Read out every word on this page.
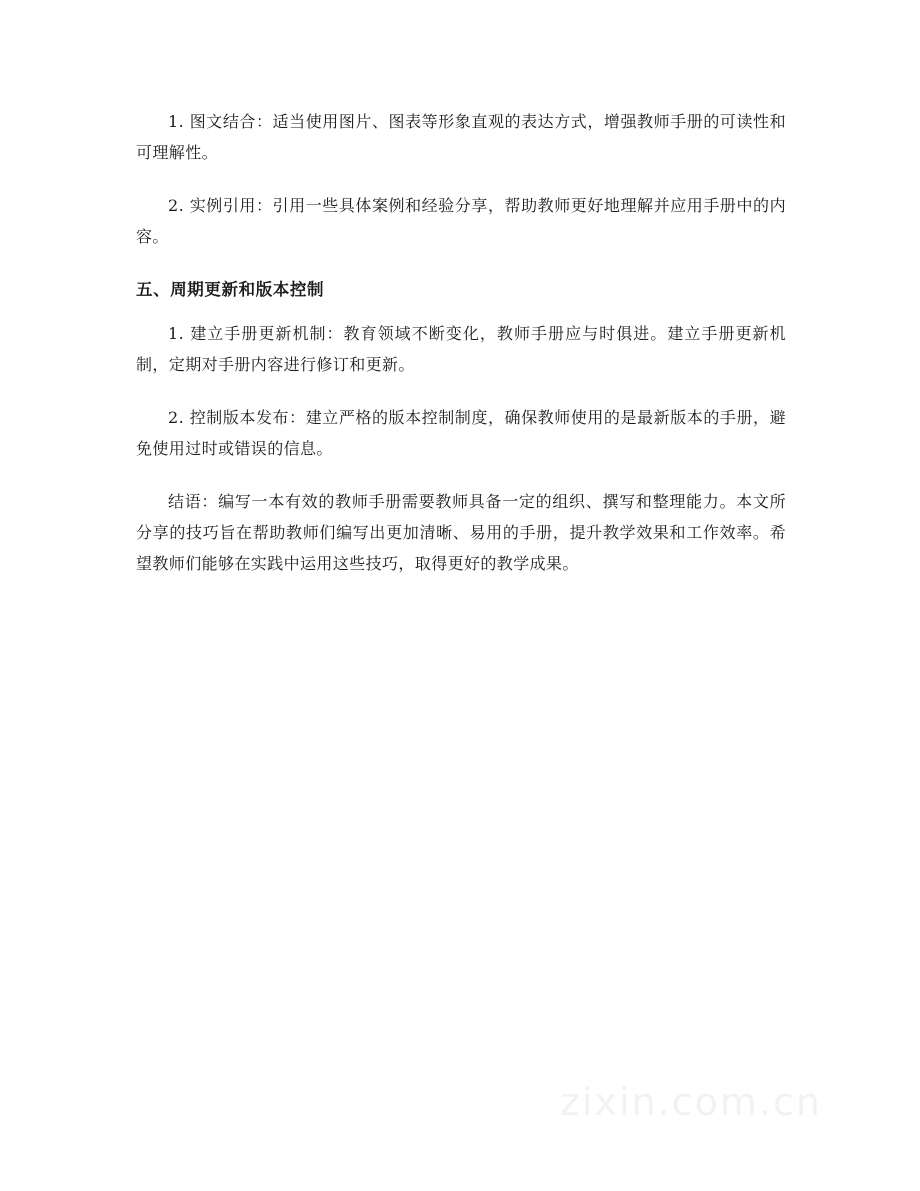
1. 图文结合：适当使用图片、图表等形象直观的表达方式，增强教师手册的可读性和可理解性。

2. 实例引用：引用一些具体案例和经验分享，帮助教师更好地理解并应用手册中的内容。

五、周期更新和版本控制

1. 建立手册更新机制：教育领域不断变化，教师手册应与时俱进。建立手册更新机制，定期对手册内容进行修订和更新。

2. 控制版本发布：建立严格的版本控制制度，确保教师使用的是最新版本的手册，避免使用过时或错误的信息。

结语：编写一本有效的教师手册需要教师具备一定的组织、撰写和整理能力。本文所分享的技巧旨在帮助教师们编写出更加清晰、易用的手册，提升教学效果和工作效率。希望教师们能够在实践中运用这些技巧，取得更好的教学成果。

zixin.com.cn
